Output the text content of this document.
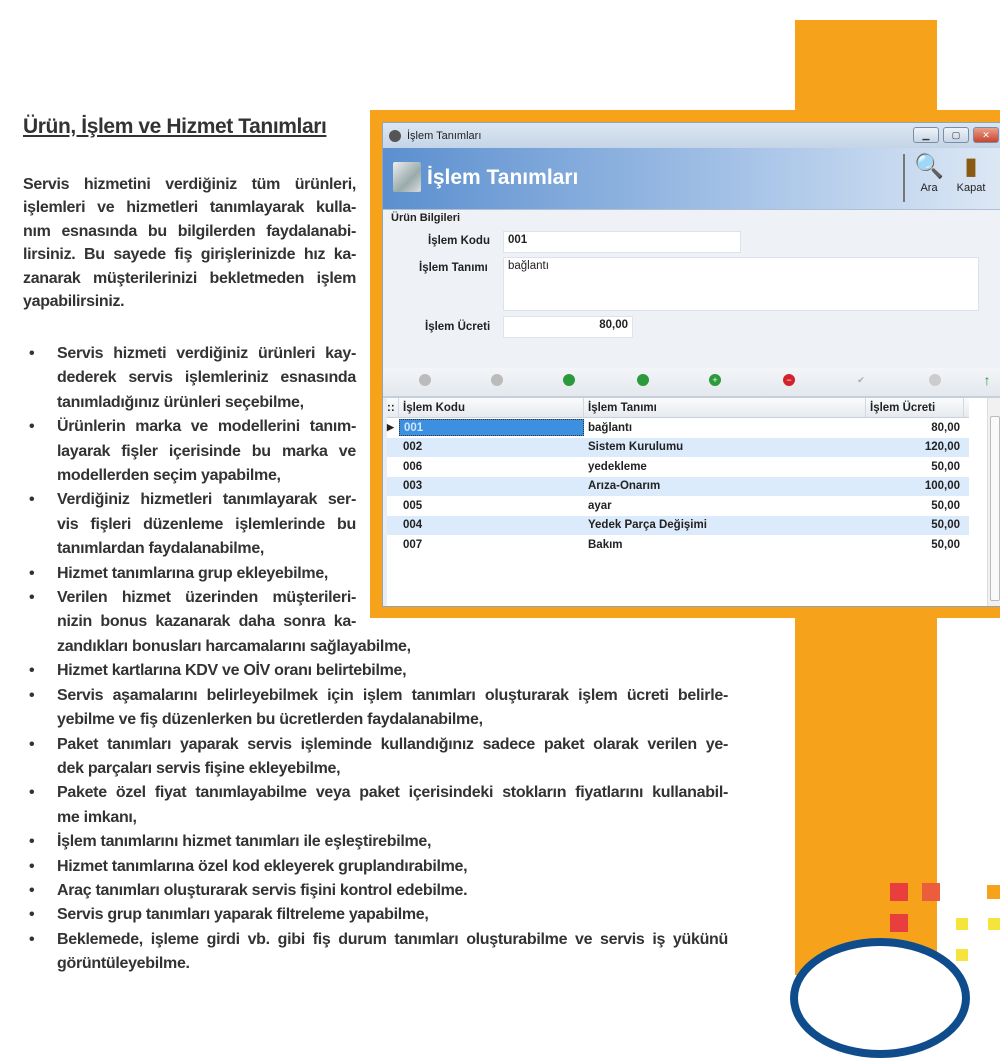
Ürün, İşlem ve Hizmet Tanımları
Servis hizmetini verdiğiniz tüm ürünleri,
işlemleri ve hizmetleri tanımlayarak kulla-
nım esnasında bu bilgilerden faydalanabi-
lirsiniz. Bu sayede fiş girişlerinizde hız ka-
zanarak müşterilerinizi bekletmeden işlem
yapabilirsiniz.
• Servis hizmeti verdiğiniz ürünleri kay-
dederek servis işlemleriniz esnasında
tanımladığınız ürünleri seçebilme,
• Ürünlerin marka ve modellerini tanım-
layarak fişler içerisinde bu marka ve
modellerden seçim yapabilme,
• Verdiğiniz hizmetleri tanımlayarak ser-
vis fişleri düzenleme işlemlerinde bu
tanımlardan faydalanabilme,
• Hizmet tanımlarına grup ekleyebilme,
• Verilen hizmet üzerinden müşterileri-
nizin bonus kazanarak daha sonra ka-
zandıkları bonusları harcamalarını sağlayabilme,
• Hizmet kartlarına KDV ve OİV oranı belirtebilme,
• Servis aşamalarını belirleyebilmek için işlem tanımları oluşturarak işlem ücreti belirle-
yebilme ve fiş düzenlerken bu ücretlerden faydalanabilme,
• Paket tanımları yaparak servis işleminde kullandığınız sadece paket olarak verilen ye-
dek parçaları servis fişine ekleyebilme,
• Pakete özel fiyat tanımlayabilme veya paket içerisindeki stokların fiyatlarını kullanabil-
me imkanı,
• İşlem tanımlarını hizmet tanımları ile eşleştirebilme,
• Hizmet tanımlarına özel kod ekleyerek gruplandırabilme,
• Araç tanımları oluşturarak servis fişini kontrol edebilme.
• Servis grup tanımları yaparak filtreleme yapabilme,
• Beklemede, işleme girdi vb. gibi fiş durum tanımları oluşturabilme ve servis iş yükünü
görüntüleyebilme.
İşlem Tanımları	▁	▢	✕
İşlem Tanımları	🔍
Ara
▮
Kapat
Ürün Bilgileri
İşlem Kodu	001
İşlem Tanımı	bağlantı
İşlem Ücreti	80,00
+	−	✔	↑
:: İşlem Kodu	İşlem Tanımı	İşlem Ücreti
▶ 001	bağlantı	80,00
002	Sistem Kurulumu	120,00
006	yedekleme	50,00
003	Arıza-Onarım	100,00
005	ayar	50,00
004	Yedek Parça Değişimi	50,00
007	Bakım	50,00
